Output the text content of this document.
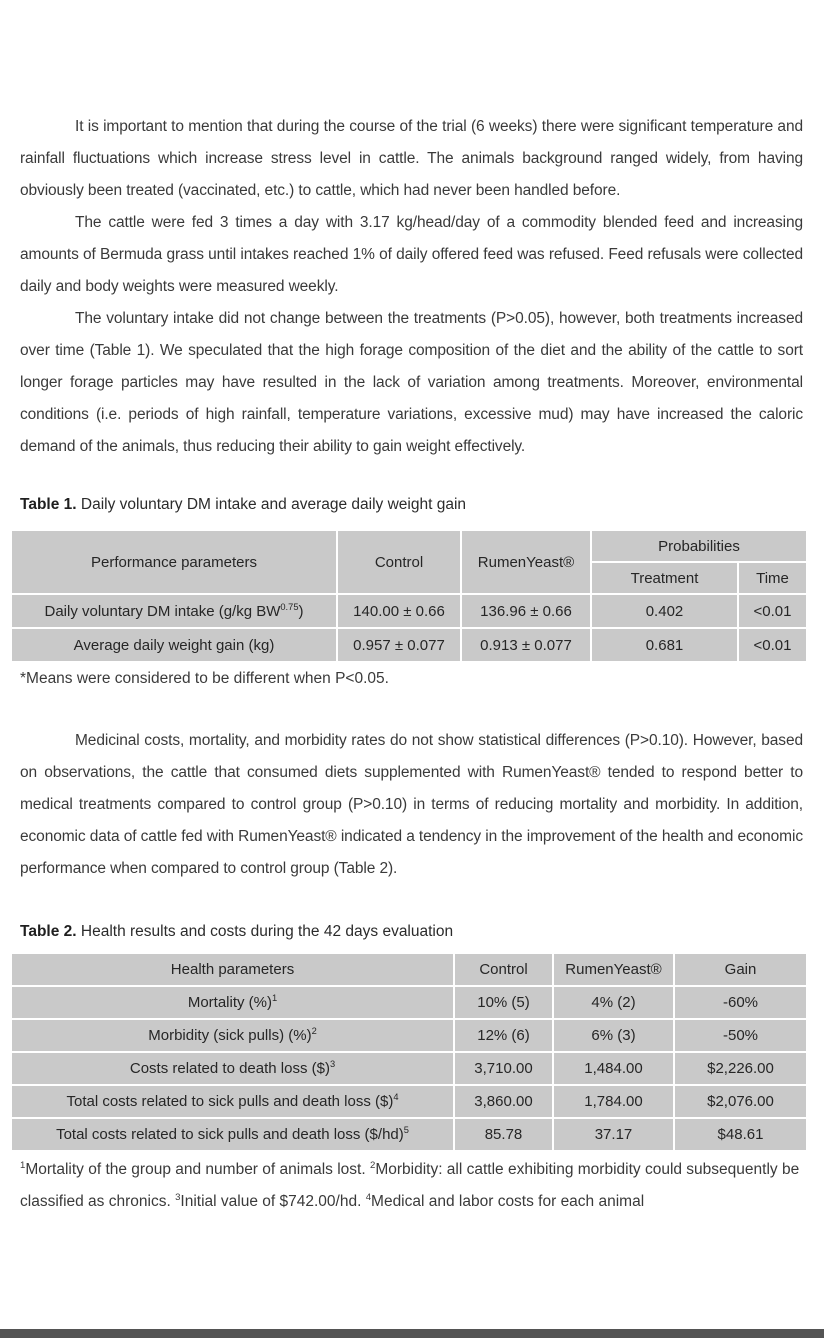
It is important to mention that during the course of the trial (6 weeks) there were significant temperature and rainfall fluctuations which increase stress level in cattle. The animals background ranged widely, from having obviously been treated (vaccinated, etc.) to cattle, which had never been handled before.

The cattle were fed 3 times a day with 3.17 kg/head/day of a commodity blended feed and increasing amounts of Bermuda grass until intakes reached 1% of daily offered feed was refused. Feed refusals were collected daily and body weights were measured weekly.

The voluntary intake did not change between the treatments (P>0.05), however, both treatments increased over time (Table 1). We speculated that the high forage composition of the diet and the ability of the cattle to sort longer forage particles may have resulted in the lack of variation among treatments. Moreover, environmental conditions (i.e. periods of high rainfall, temperature variations, excessive mud) may have increased the caloric demand of the animals, thus reducing their ability to gain weight effectively.

Table 1. Daily voluntary DM intake and average daily weight gain

Performance parameters	Control	RumenYeast®	Probabilities	
			Treatment	Time
Daily voluntary DM intake (g/kg $BW^{0.75}$)	140.00 ± 0.66	136.96 ± 0.66	0.402	<0.01
Average daily weight gain (kg)	0.957 ± 0.077	0.913 ± 0.077	0.681	<0.01

*Means were considered to be different when P<0.05.

Medicinal costs, mortality, and morbidity rates do not show statistical differences (P>0.10). However, based on observations, the cattle that consumed diets supplemented with RumenYeast® tended to respond better to medical treatments compared to control group (P>0.10) in terms of reducing mortality and morbidity. In addition, economic data of cattle fed with RumenYeast® indicated a tendency in the improvement of the health and economic performance when compared to control group (Table 2).

Table 2. Health results and costs during the 42 days evaluation

Health parameters	Control	RumenYeast®	Gain
Mortality (%)$^1$	10% (5)	4% (2)	-60%
Morbidity (sick pulls) (%)$^2$	12% (6)	6% (3)	-50%
Costs related to death loss ($)$^3$	3,710.00	1,484.00	$2,226.00
Total costs related to sick pulls and death loss ($)$^4$	3,860.00	1,784.00	$2,076.00
Total costs related to sick pulls and death loss ($/hd)$^5$	85.78	37.17	$48.61

$^1$Mortality of the group and number of animals lost. $^2$Morbidity: all cattle exhibiting morbidity could subsequently be classified as chronics. $^3$Initial value of $742.00/hd. $^4$Medical and labor costs for each animal
